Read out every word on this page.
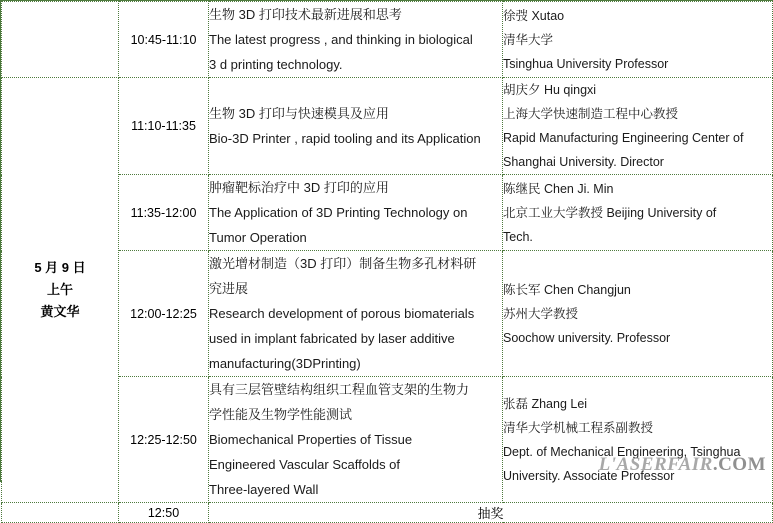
	10:45-11:10	生物 3D 打印技术最新进展和思考
The latest progress , and thinking in biological
3 d printing technology.	徐弢 Xutao
清华大学
Tsinghua University Professor

5 月 9 日
上午
黄文华	11:10-11:35	生物 3D 打印与快速模具及应用
Bio-3D Printer , rapid tooling and its Application	胡庆夕 Hu qingxi
上海大学快速制造工程中心教授
Rapid Manufacturing Engineering Center of
Shanghai University. Director

	11:35-12:00	肿瘤靶标治疗中 3D 打印的应用
The Application of 3D Printing Technology on
Tumor Operation	陈继民 Chen Ji. Min
北京工业大学教授 Beijing University of
Tech.

	12:00-12:25	激光增材制造（3D 打印）制备生物多孔材料研
究进展
Research development of porous biomaterials
used in implant fabricated by laser additive
manufacturing(3DPrinting)	陈长军 Chen Changjun
苏州大学教授
Soochow university. Professor

	12:25-12:50	具有三层管壁结构组织工程血管支架的生物力
学性能及生物学性能测试
Biomechanical Properties of Tissue
Engineered Vascular Scaffolds of
Three-layered Wall	张磊 Zhang Lei
清华大学机械工程系副教授
Dept. of Mechanical Engineering, Tsinghua
University. Associate Professor

	12:50	抽奖	
L'ASERFAIR.COM
